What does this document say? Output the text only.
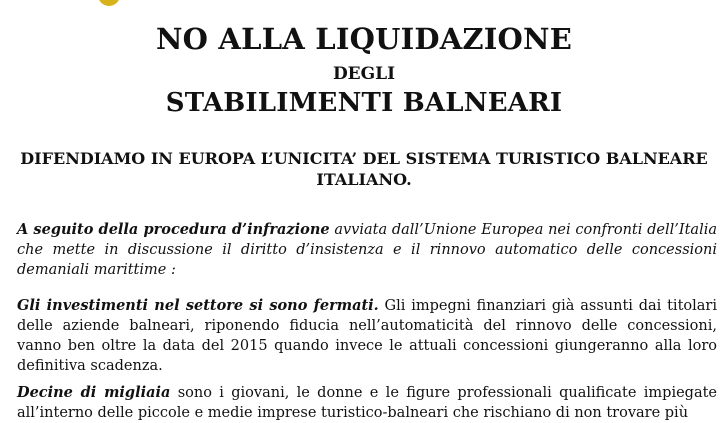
NO ALLA LIQUIDAZIONE
DEGLI
STABILIMENTI BALNEARI
DIFENDIAMO IN EUROPA L’UNICITA’ DEL SISTEMA TURISTICO BALNEARE
ITALIANO.

A seguito della procedura d’infrazione avviata dall’Unione Europea nei confronti dell’Italia che mette in discussione il diritto d’insistenza e il rinnovo automatico delle concessioni demaniali marittime :

Gli investimenti nel settore si sono fermati. Gli impegni finanziari già assunti dai titolari delle aziende balneari, riponendo fiducia nell’automaticità del rinnovo delle concessioni, vanno ben oltre la data del 2015 quando invece le attuali concessioni giungeranno alla loro definitiva scadenza.

Decine di migliaia sono i giovani, le donne e le figure professionali qualificate impiegate all’interno delle piccole e medie imprese turistico-balneari che rischiano di non trovare più
